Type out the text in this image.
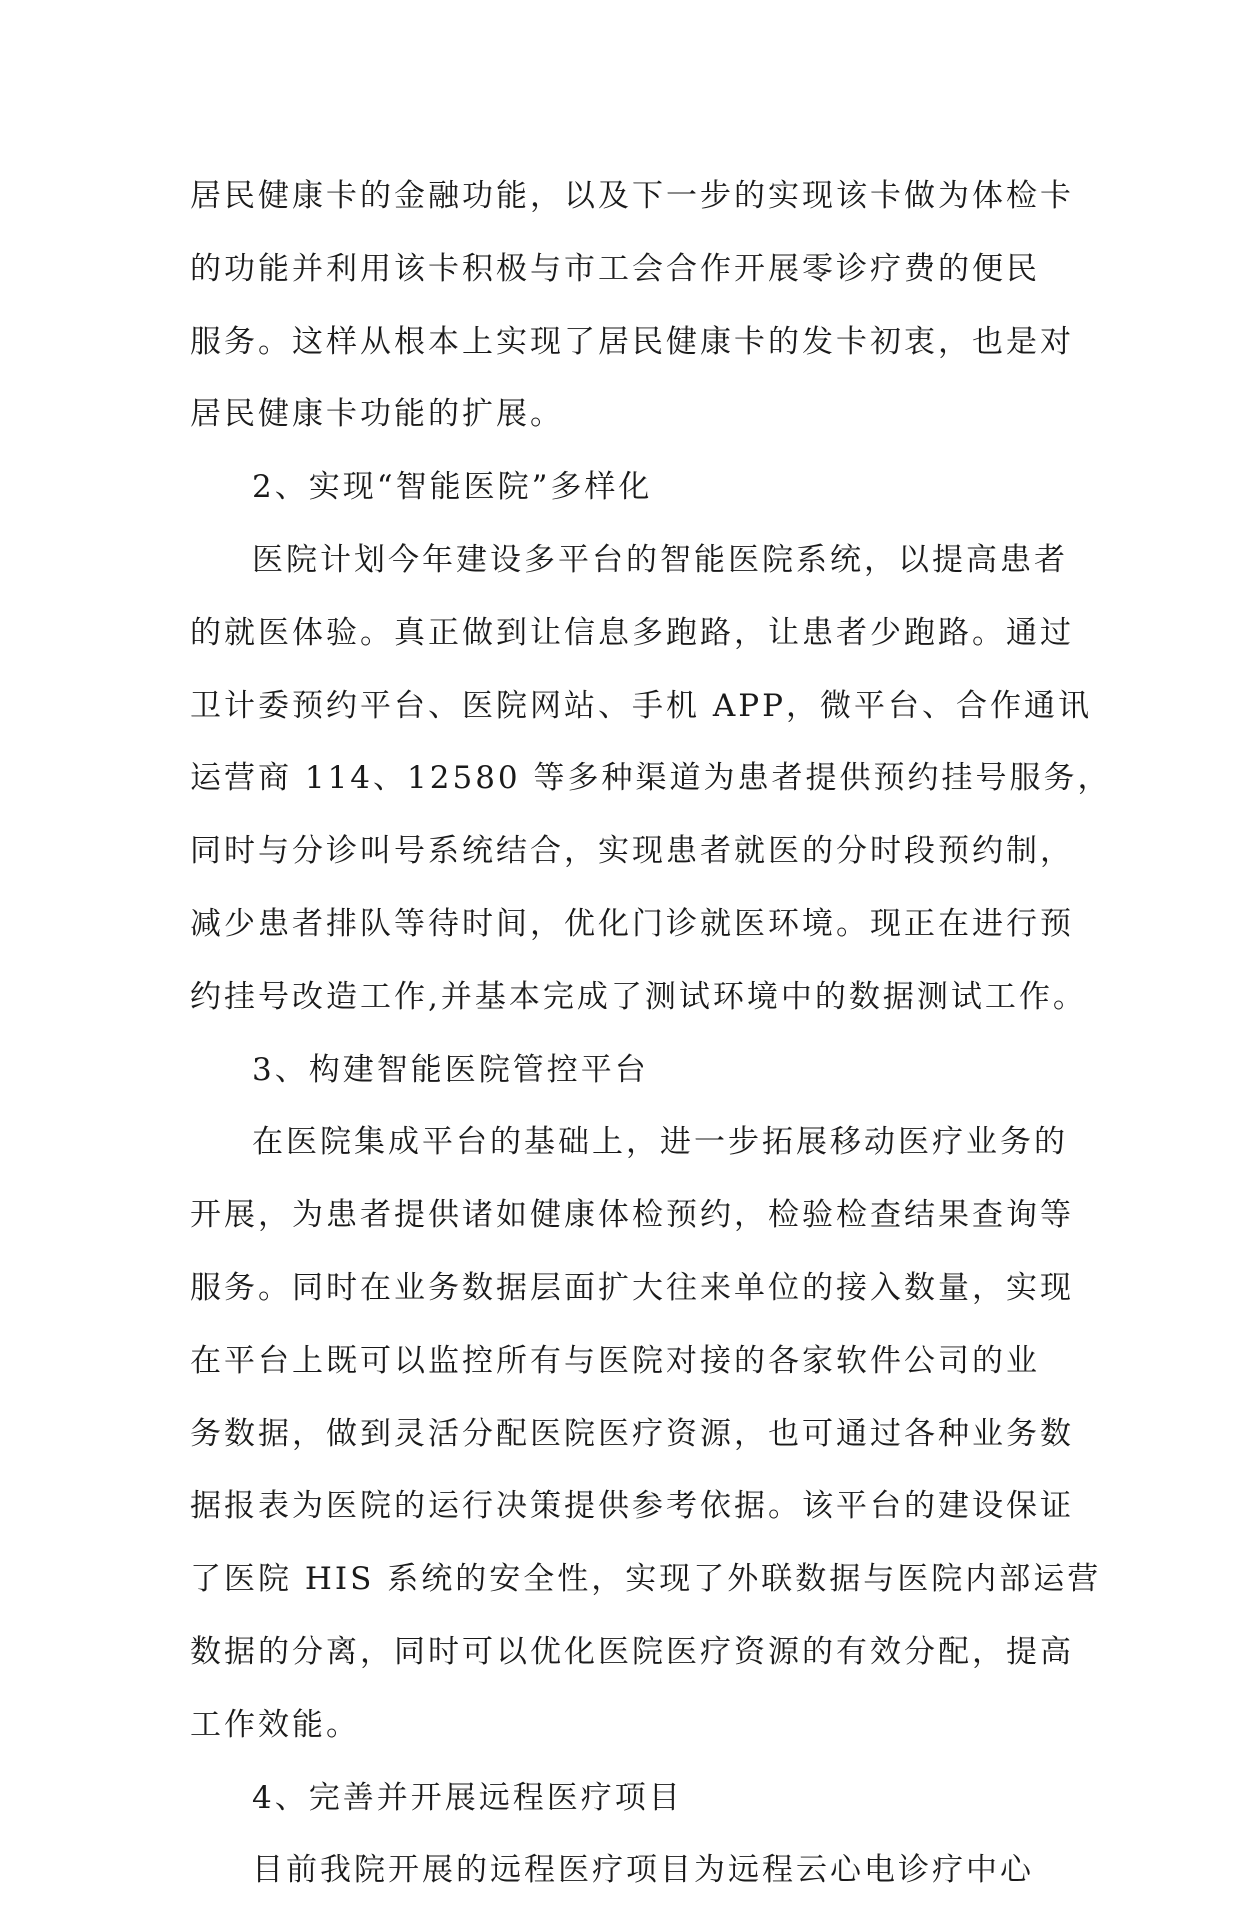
居民健康卡的金融功能，以及下一步的实现该卡做为体检卡
的功能并利用该卡积极与市工会合作开展零诊疗费的便民
服务。这样从根本上实现了居民健康卡的发卡初衷，也是对
居民健康卡功能的扩展。
2、实现“智能医院”多样化
医院计划今年建设多平台的智能医院系统，以提高患者
的就医体验。真正做到让信息多跑路，让患者少跑路。通过
卫计委预约平台、医院网站、手机 APP，微平台、合作通讯
运营商 114、12580 等多种渠道为患者提供预约挂号服务，
同时与分诊叫号系统结合，实现患者就医的分时段预约制，
减少患者排队等待时间，优化门诊就医环境。现正在进行预
约挂号改造工作,并基本完成了测试环境中的数据测试工作。
3、构建智能医院管控平台
在医院集成平台的基础上，进一步拓展移动医疗业务的
开展，为患者提供诸如健康体检预约，检验检查结果查询等
服务。同时在业务数据层面扩大往来单位的接入数量，实现
在平台上既可以监控所有与医院对接的各家软件公司的业
务数据，做到灵活分配医院医疗资源，也可通过各种业务数
据报表为医院的运行决策提供参考依据。该平台的建设保证
了医院 HIS 系统的安全性，实现了外联数据与医院内部运营
数据的分离，同时可以优化医院医疗资源的有效分配，提高
工作效能。
4、完善并开展远程医疗项目
目前我院开展的远程医疗项目为远程云心电诊疗中心
